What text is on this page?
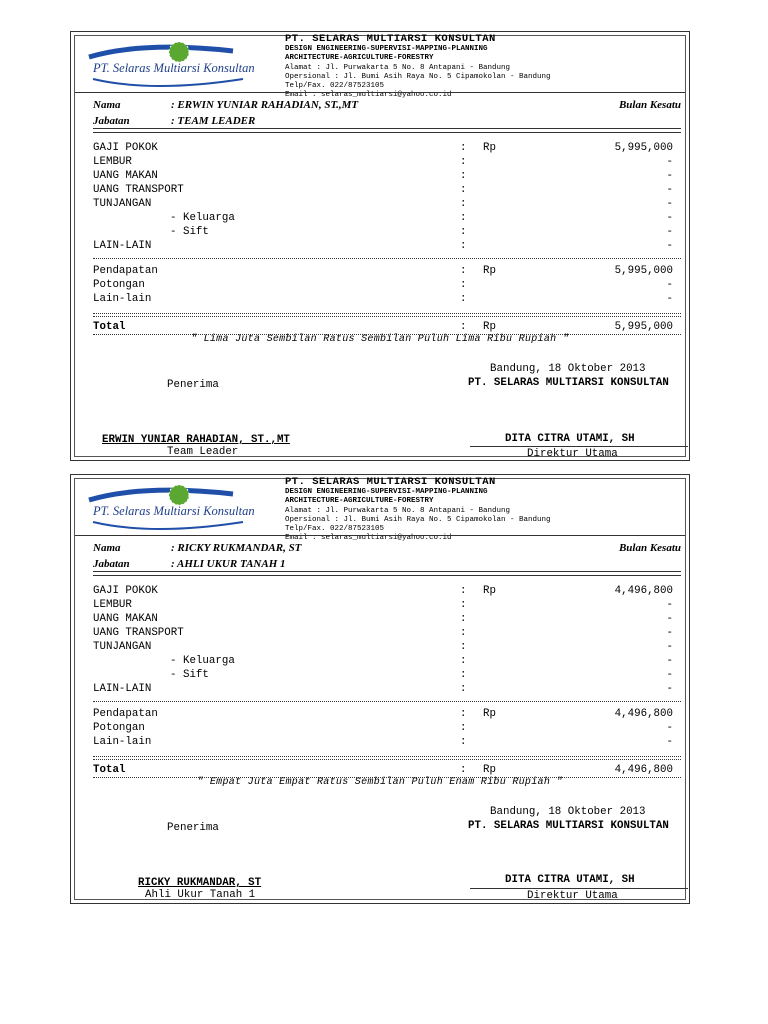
PT. Selaras Multiarsi Konsultan
PT. SELARAS MULTIARSI KONSULTAN
DESIGN ENGINEERING-SUPERVISI-MAPPING-PLANNING
ARCHITECTURE-AGRICULTURE-FORESTRY
Alamat : Jl. Purwakarta 5 No. 8 Antapani - Bandung
Opersional : Jl. Bumi Asih Raya No. 5 Cipamokolan - Bandung
Telp/Fax. 022/87523105
Email : selaras_multiarsi@yahoo.co.id
Nama	: ERWIN YUNIAR RAHADIAN, ST.,MT	Bulan Kesatu
Jabatan	: TEAM LEADER
GAJI POKOK	: Rp	5,995,000
LEMBUR	:	-
UANG MAKAN	:	-
UANG TRANSPORT	:	-
TUNJANGAN	:	-
- Keluarga	:	-
- Sift	:	-
LAIN-LAIN	:	-
Pendapatan	: Rp	5,995,000
Potongan	:	-
Lain-lain	:	-
Total	: Rp	5,995,000
" Lima Juta Sembilan Ratus Sembilan Puluh Lima Ribu Rupiah "
Bandung, 18 Oktober 2013
Penerima	PT. SELARAS MULTIARSI KONSULTAN
ERWIN YUNIAR RAHADIAN, ST.,MT
Team Leader
DITA CITRA UTAMI, SH
Direktur Utama
PT. Selaras Multiarsi Konsultan
PT. SELARAS MULTIARSI KONSULTAN
DESIGN ENGINEERING-SUPERVISI-MAPPING-PLANNING
ARCHITECTURE-AGRICULTURE-FORESTRY
Alamat : Jl. Purwakarta 5 No. 8 Antapani - Bandung
Opersional : Jl. Bumi Asih Raya No. 5 Cipamokolan - Bandung
Telp/Fax. 022/87523105
Email : selaras_multiarsi@yahoo.co.id
Nama	: RICKY RUKMANDAR, ST	Bulan Kesatu
Jabatan	: AHLI UKUR TANAH 1
GAJI POKOK	: Rp	4,496,800
LEMBUR	:	-
UANG MAKAN	:	-
UANG TRANSPORT	:	-
TUNJANGAN	:	-
- Keluarga	:	-
- Sift	:	-
LAIN-LAIN	:	-
Pendapatan	: Rp	4,496,800
Potongan	:	-
Lain-lain	:	-
Total	: Rp	4,496,800
" Empat Juta Empat Ratus Sembilan Puluh Enam Ribu Rupiah "
Bandung, 18 Oktober 2013
Penerima	PT. SELARAS MULTIARSI KONSULTAN
RICKY RUKMANDAR, ST
Ahli Ukur Tanah 1
DITA CITRA UTAMI, SH
Direktur Utama
